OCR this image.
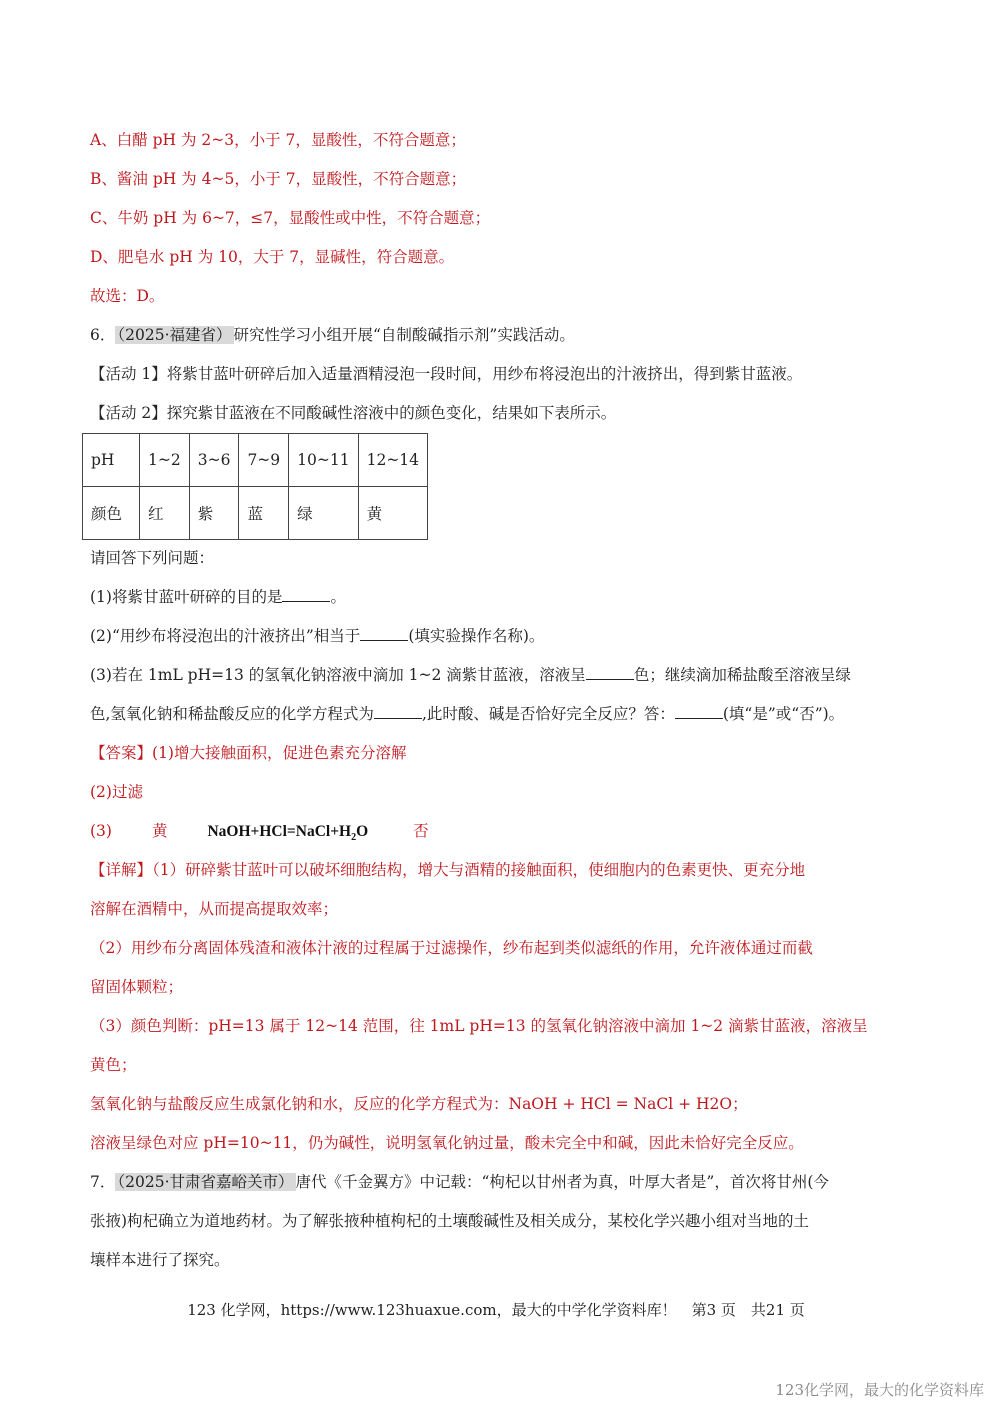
A、白醋 pH 为 2~3，小于 7，显酸性，不符合题意；
B、酱油 pH 为 4~5，小于 7，显酸性，不符合题意；
C、牛奶 pH 为 6~7，≤7，显酸性或中性，不符合题意；
D、肥皂水 pH 为 10，大于 7，显碱性，符合题意。
故选：D。
6． （2025·福建省） 研究性学习小组开展“自制酸碱指示剂”实践活动。
【活动 1】将紫甘蓝叶研碎后加入适量酒精浸泡一段时间，用纱布将浸泡出的汁液挤出，得到紫甘蓝液。
【活动 2】探究紫甘蓝液在不同酸碱性溶液中的颜色变化，结果如下表所示。
pH	1~2	3~6	7~9	10~11	12~14
颜色	红	紫	蓝	绿	黄
请回答下列问题：
(1)将紫甘蓝叶研碎的目的是	。
(2)“用纱布将浸泡出的汁液挤出”相当于	(填实验操作名称)。
(3)若在 1mL pH=13 的氢氧化钠溶液中滴加 1~2 滴紫甘蓝液，溶液呈	色；继续滴加稀盐酸至溶液呈绿
色,氢氧化钠和稀盐酸反应的化学方程式为	,此时酸、碱是否恰好完全反应？答：	(填“是”或“否”)。
【答案】(1)增大接触面积，促进色素充分溶解
(2)过滤
(3)	黄	$NaOH+HCl=NaCl+H_2O$	否
【详解】（1）研碎紫甘蓝叶可以破坏细胞结构，增大与酒精的接触面积，使细胞内的色素更快、更充分地
溶解在酒精中，从而提高提取效率；
（2）用纱布分离固体残渣和液体汁液的过程属于过滤操作，纱布起到类似滤纸的作用，允许液体通过而截
留固体颗粒；
（3）颜色判断：pH=13 属于 12~14 范围，往 1mL pH=13 的氢氧化钠溶液中滴加 1~2 滴紫甘蓝液，溶液呈
黄色；
氢氧化钠与盐酸反应生成氯化钠和水，反应的化学方程式为：NaOH + HCl = NaCl + H2O；
溶液呈绿色对应 pH=10~11，仍为碱性，说明氢氧化钠过量，酸未完全中和碱，因此未恰好完全反应。
7． （2025·甘肃省嘉峪关市） 唐代《千金翼方》中记载：“枸杞以甘州者为真，叶厚大者是”，首次将甘州(今
张掖)枸杞确立为道地药材。为了解张掖种植枸杞的土壤酸碱性及相关成分，某校化学兴趣小组对当地的土
壤样本进行了探究。
123 化学网，https://www.123huaxue.com，最大的中学化学资料库！　第3 页　共21 页
123化学网，最大的化学资料库
